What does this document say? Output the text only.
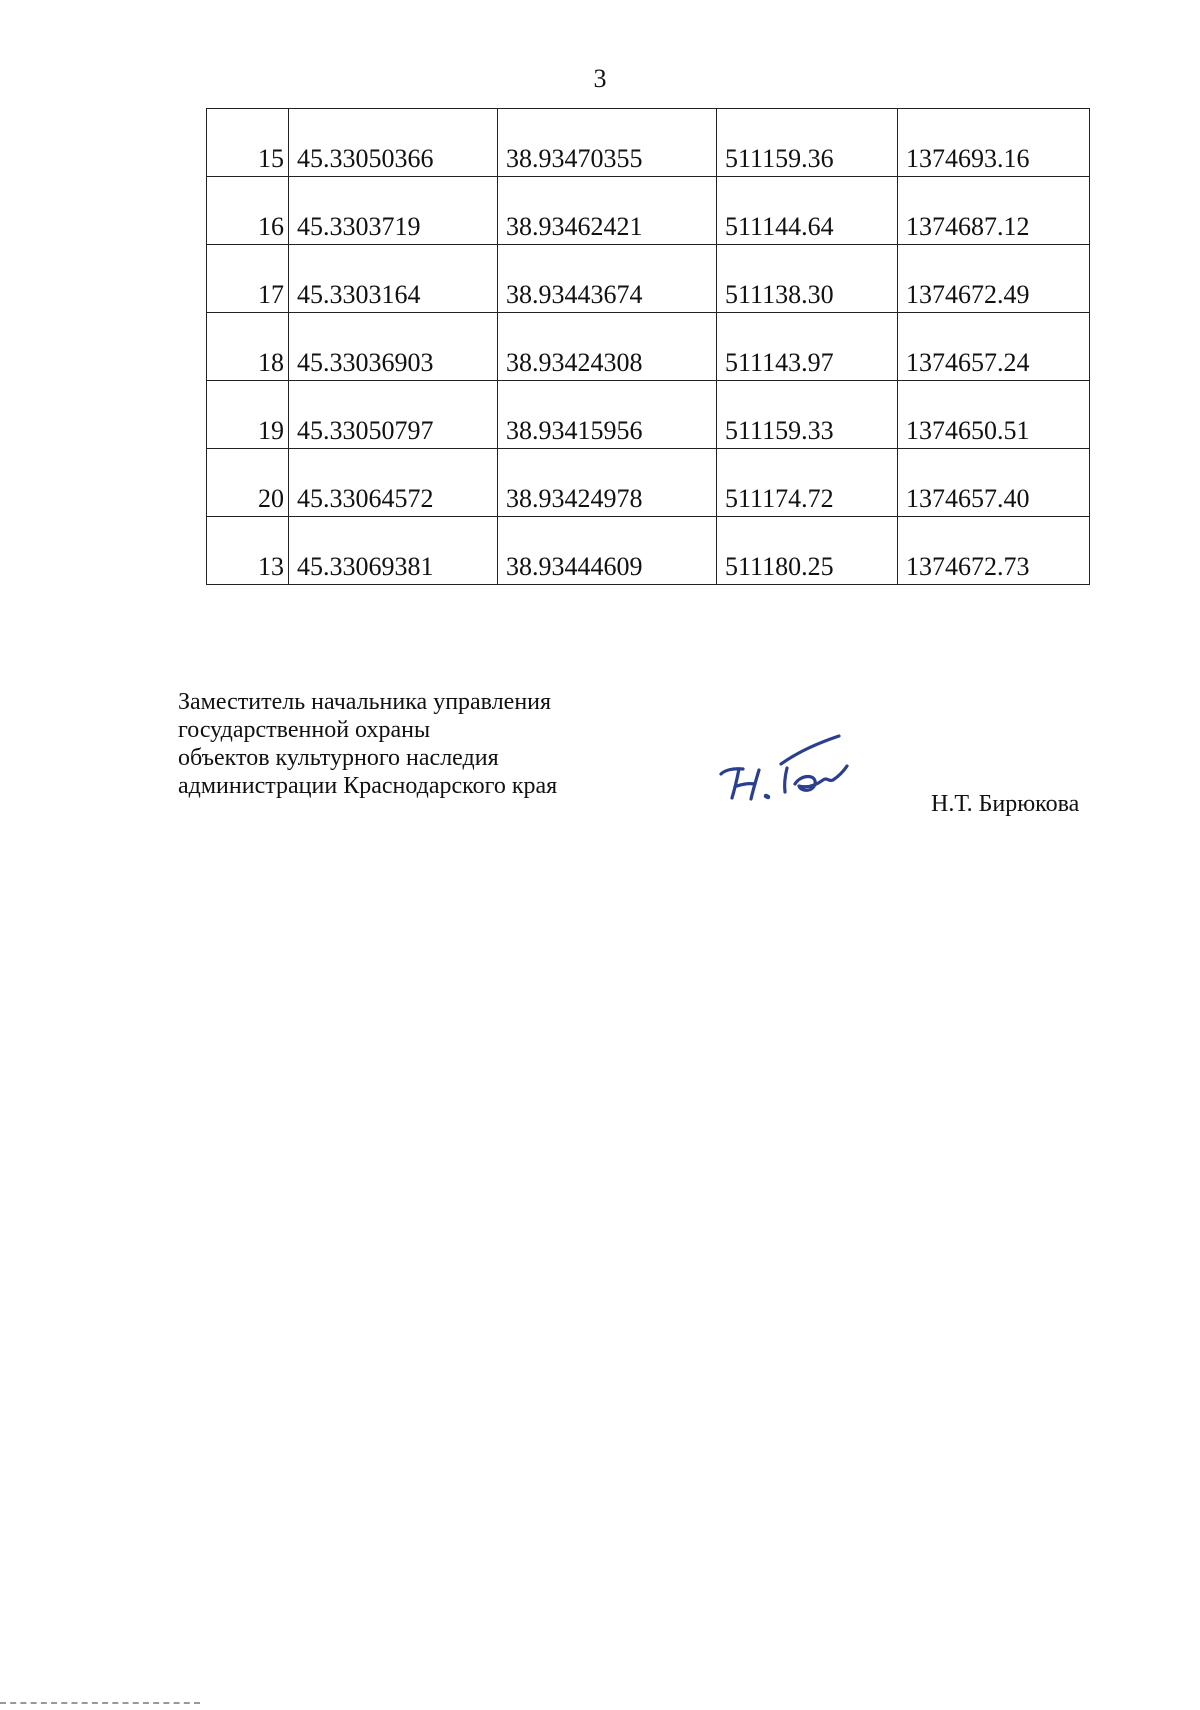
3
15	45.33050366	38.93470355	511159.36	1374693.16
16	45.3303719	38.93462421	511144.64	1374687.12
17	45.3303164	38.93443674	511138.30	1374672.49
18	45.33036903	38.93424308	511143.97	1374657.24
19	45.33050797	38.93415956	511159.33	1374650.51
20	45.33064572	38.93424978	511174.72	1374657.40
13	45.33069381	38.93444609	511180.25	1374672.73
Заместитель начальника управления
государственной охраны
объектов культурного наследия
администрации Краснодарского края
Н.Т. Бирюкова
